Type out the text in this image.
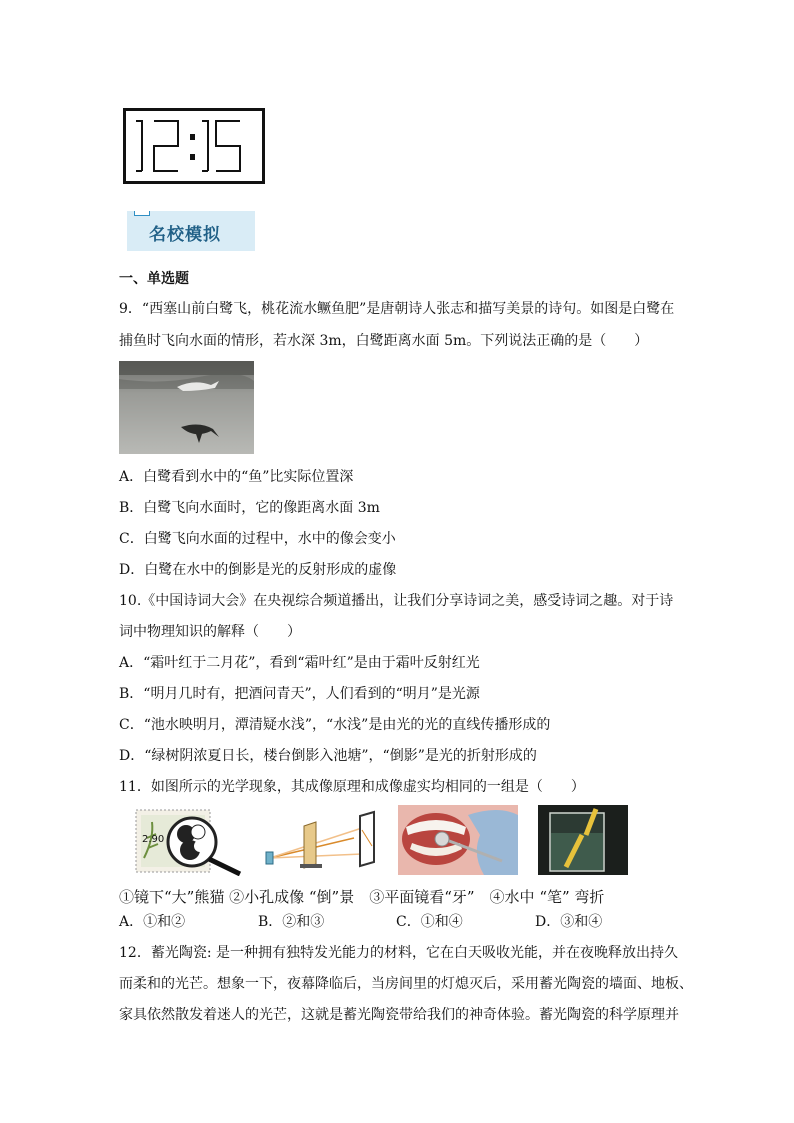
名校模拟
一、单选题
9．“西塞山前白鹭飞，桃花流水鳜鱼肥”是唐朝诗人张志和描写美景的诗句。如图是白鹭在
捕鱼时飞向水面的情形，若水深 3m，白鹭距离水面 5m。下列说法正确的是（　　）
A．白鹭看到水中的“鱼”比实际位置深
B．白鹭飞向水面时，它的像距离水面 3m
C．白鹭飞向水面的过程中，水中的像会变小
D．白鹭在水中的倒影是光的反射形成的虚像
10.《中国诗词大会》在央视综合频道播出，让我们分享诗词之美，感受诗词之趣。对于诗
词中物理知识的解释（　　）
A．“霜叶红于二月花”，看到“霜叶红”是由于霜叶反射红光
B．“明月几时有，把酒问青天”，人们看到的“明月”是光源
C．“池水映明月，潭清疑水浅”，“水浅”是由光的光的直线传播形成的
D．“绿树阴浓夏日长，楼台倒影入池塘”，“倒影”是光的折射形成的
11．如图所示的光学现象，其成像原理和成像虚实均相同的一组是（　　）
2.90
①镜下“大”熊猫 ②小孔成像 “倒”景　③平面镜看“牙”　④水中 “笔” 弯折
A．①和②	B．②和③	C．①和④	D．③和④
12．蓄光陶瓷: 是一种拥有独特发光能力的材料，它在白天吸收光能，并在夜晚释放出持久
而柔和的光芒。想象一下，夜幕降临后，当房间里的灯熄灭后，采用蓄光陶瓷的墙面、地板、
家具依然散发着迷人的光芒，这就是蓄光陶瓷带给我们的神奇体验。蓄光陶瓷的科学原理并
